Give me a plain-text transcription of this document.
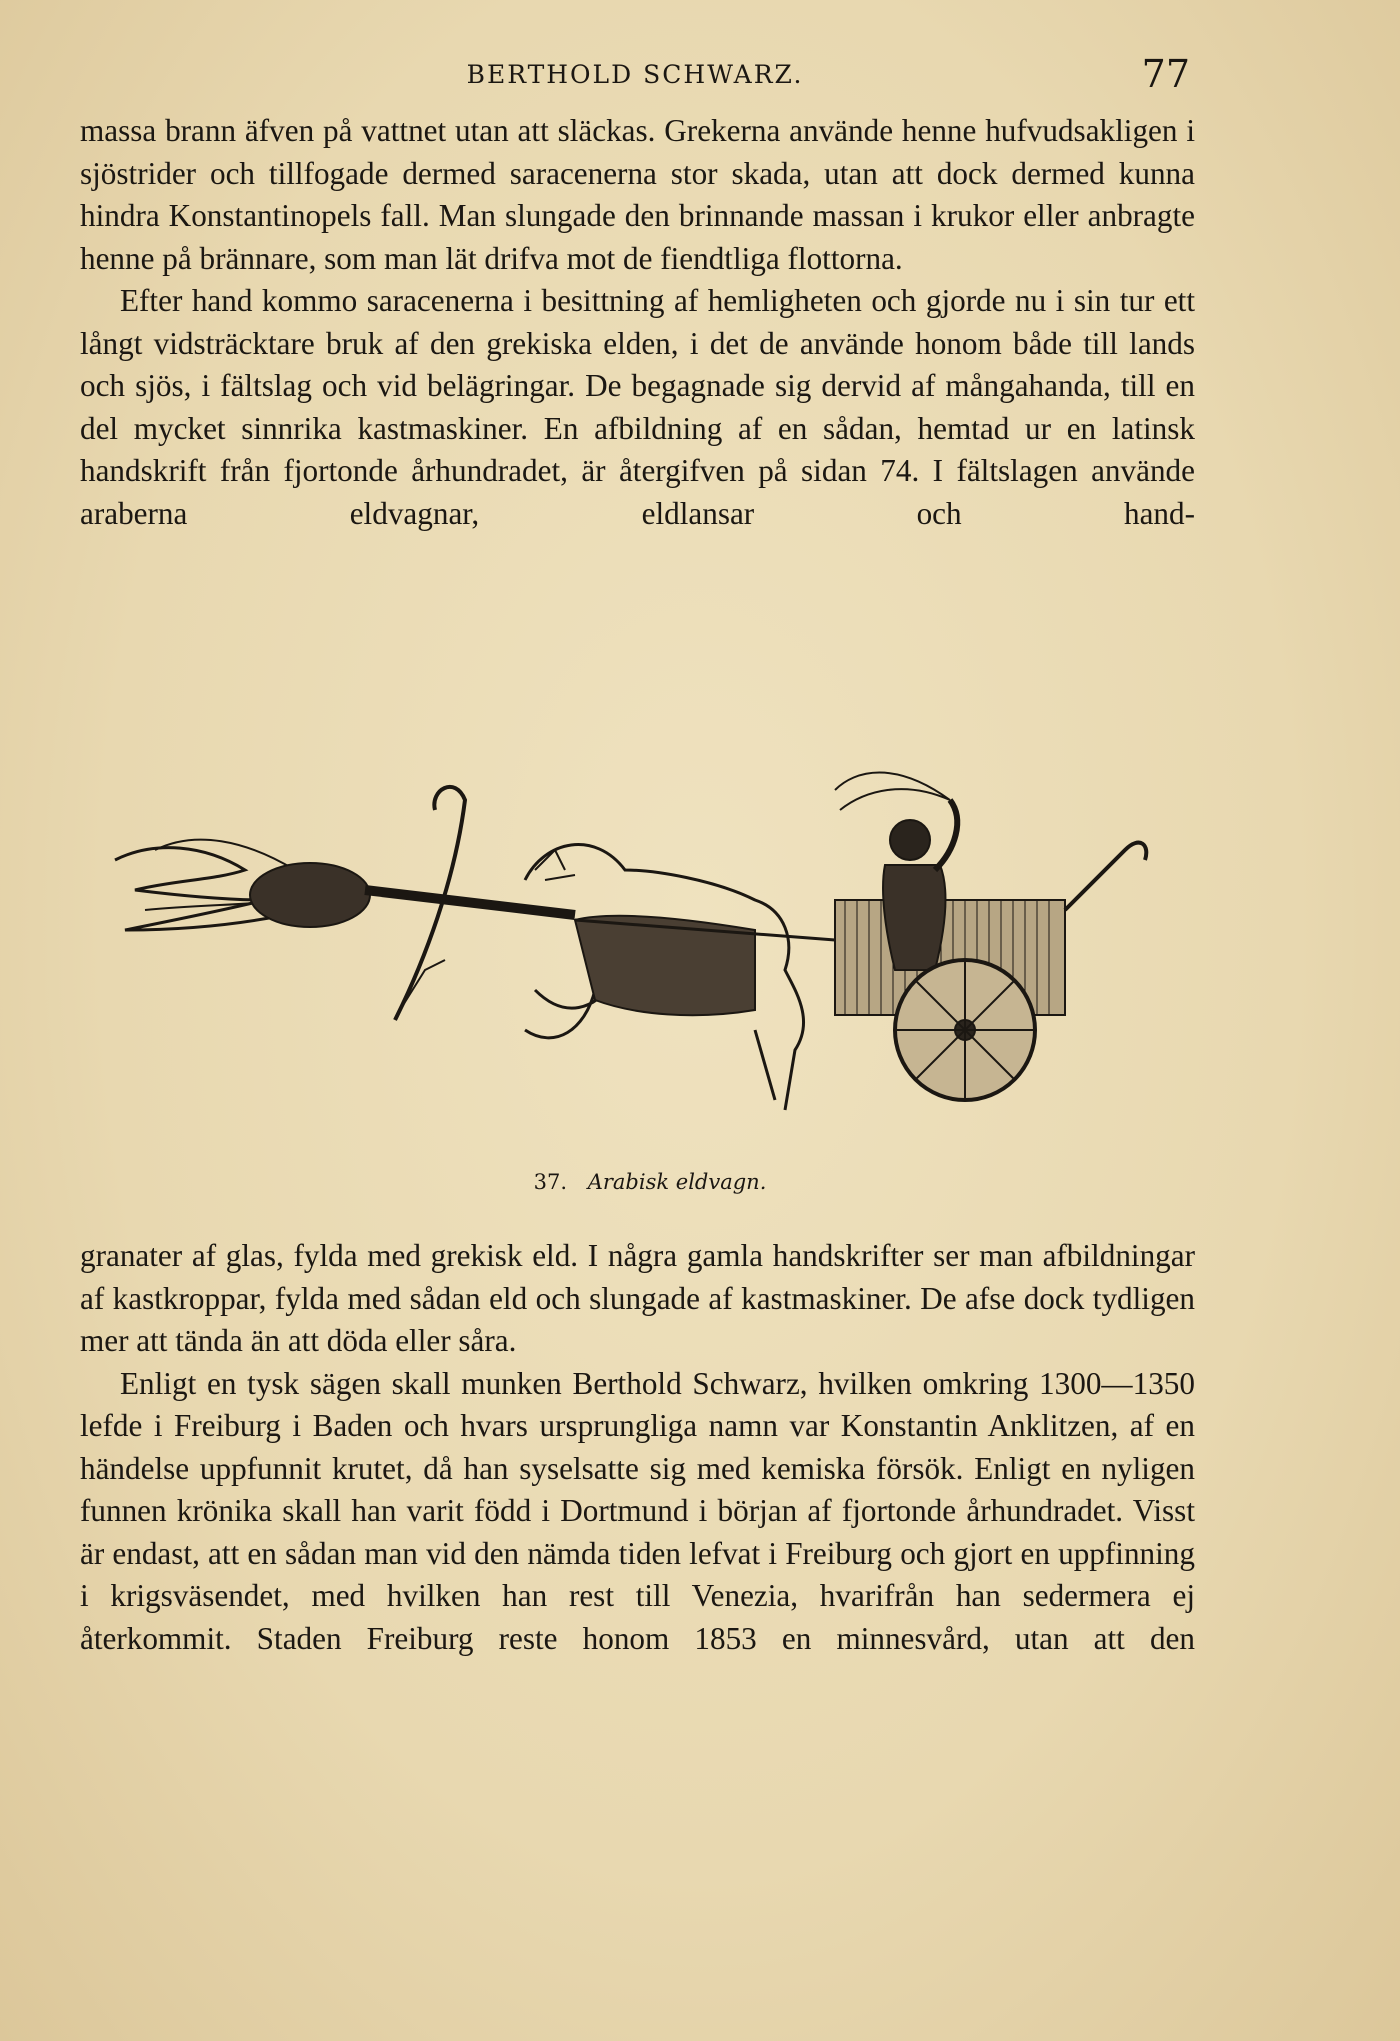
BERTHOLD SCHWARZ.	77

massa brann äfven på vattnet utan att släckas. Grekerna använde henne hufvudsakligen i sjöstrider och tillfogade dermed saracenerna stor skada, utan att dock dermed kunna hindra Konstantinopels fall. Man slungade den brinnande massan i krukor eller anbragte henne på brännare, som man lät drifva mot de fiendtliga flottorna.

Efter hand kommo saracenerna i besittning af hemligheten och gjorde nu i sin tur ett långt vidsträcktare bruk af den grekiska elden, i det de använde honom både till lands och sjös, i fältslag och vid belägringar. De begagnade sig dervid af mångahanda, till en del mycket sinnrika kastmaskiner. En afbildning af en sådan, hemtad ur en latinsk handskrift från fjortonde århundradet, är återgifven på sidan 74. I fältslagen använde araberna eldvagnar, eldlansar och hand-

37. Arabisk eldvagn.

granater af glas, fylda med grekisk eld. I några gamla handskrifter ser man afbildningar af kastkroppar, fylda med sådan eld och slungade af kastmaskiner. De afse dock tydligen mer att tända än att döda eller såra.

Enligt en tysk sägen skall munken Berthold Schwarz, hvilken omkring 1300—1350 lefde i Freiburg i Baden och hvars ursprungliga namn var Konstantin Anklitzen, af en händelse uppfunnit krutet, då han syselsatte sig med kemiska försök. Enligt en nyligen funnen krönika skall han varit född i Dortmund i början af fjortonde århundradet. Visst är endast, att en sådan man vid den nämda tiden lefvat i Freiburg och gjort en uppfinning i krigsväsendet, med hvilken han rest till Venezia, hvarifrån han sedermera ej återkommit. Staden Freiburg reste honom 1853 en minnesvård, utan att den
